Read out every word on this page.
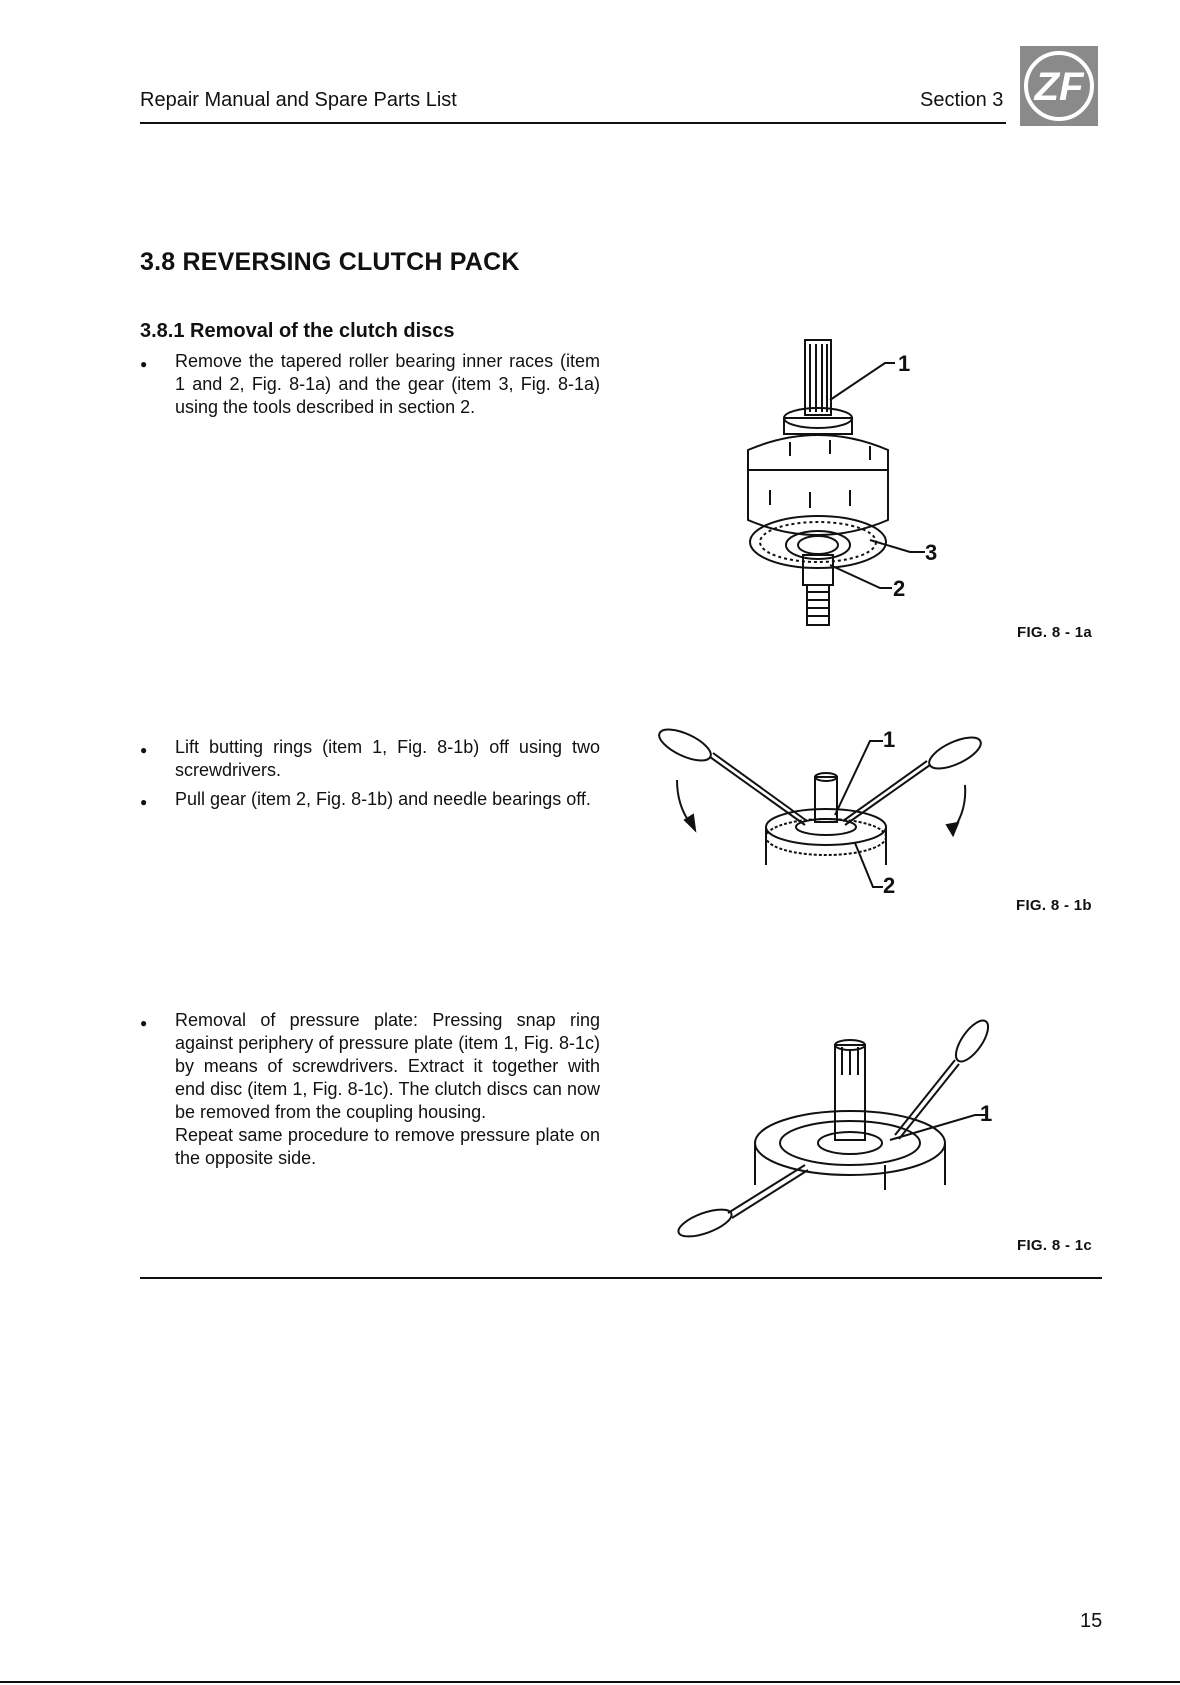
Repair Manual and Spare Parts List	Section 3 ZF
3.8 REVERSING CLUTCH PACK
3.8.1 Removal of the clutch discs
● Remove the tapered roller bearing inner races (item 1 and 2, Fig. 8-1a) and the gear (item 3, Fig. 8-1a) using the tools described in section 2.

1
3
2
FIG. 8 - 1a
●
●

Lift butting rings (item 1, Fig. 8-1b) off using two screwdrivers.

Pull gear (item 2, Fig. 8-1b) and needle bearings off.

1
2
FIG. 8 - 1b
● Removal of pressure plate: Pressing snap ring against periphery of pressure plate (item 1, Fig. 8-1c) by means of screwdrivers. Extract it together with end disc (item 1, Fig. 8-1c). The clutch discs can now be removed from the coupling housing.

Repeat same procedure to remove pressure plate on the opposite side.

1
FIG. 8 - 1c
15
